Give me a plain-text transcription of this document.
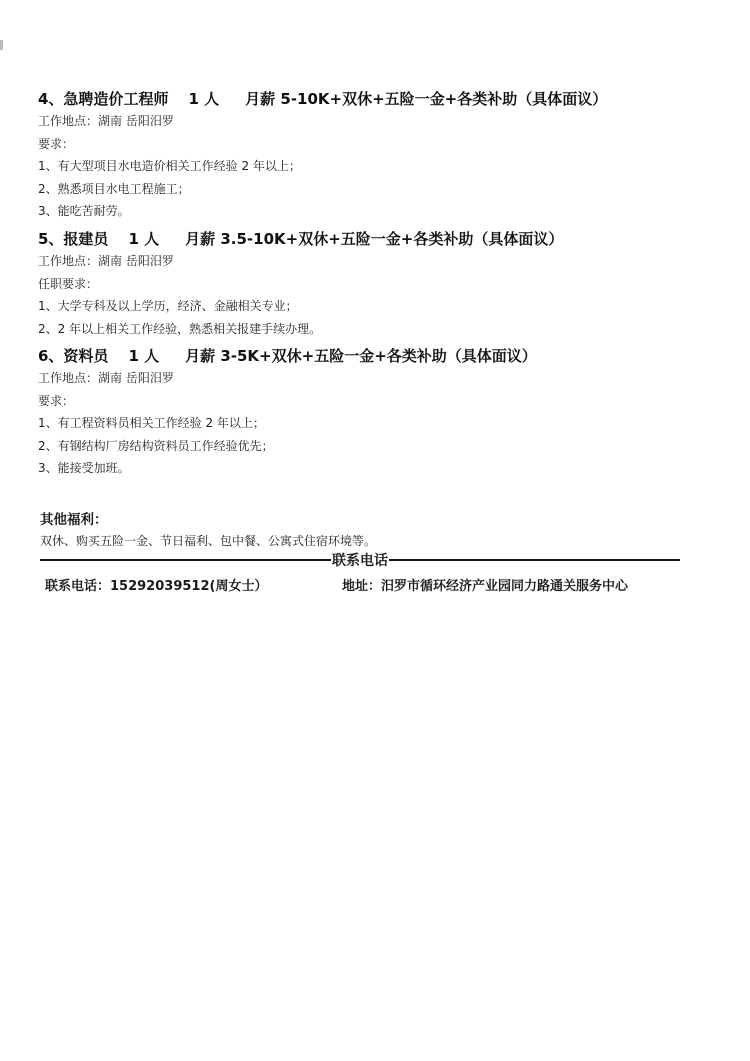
4、急聘造价工程师 1 人 月薪 5-10K+双休+五险一金+各类补助（具体面议）
工作地点：湖南 岳阳汨罗
要求：
1、有大型项目水电造价相关工作经验 2 年以上；
2、熟悉项目水电工程施工；
3、能吃苦耐劳。
5、报建员 1 人 月薪 3.5-10K+双休+五险一金+各类补助（具体面议）
工作地点：湖南 岳阳汨罗
任职要求：
1、大学专科及以上学历，经济、金融相关专业；
2、2 年以上相关工作经验，熟悉相关报建手续办理。
6、资料员 1 人 月薪 3-5K+双休+五险一金+各类补助（具体面议）
工作地点：湖南 岳阳汨罗
要求：
1、有工程资料员相关工作经验 2 年以上；
2、有钢结构厂房结构资料员工作经验优先；
3、能接受加班。
其他福利：
双休、购买五险一金、节日福利、包中餐、公寓式住宿环境等。
联系电话
联系电话：15292039512(周女士）	地址：汨罗市循环经济产业园同力路通关服务中心
